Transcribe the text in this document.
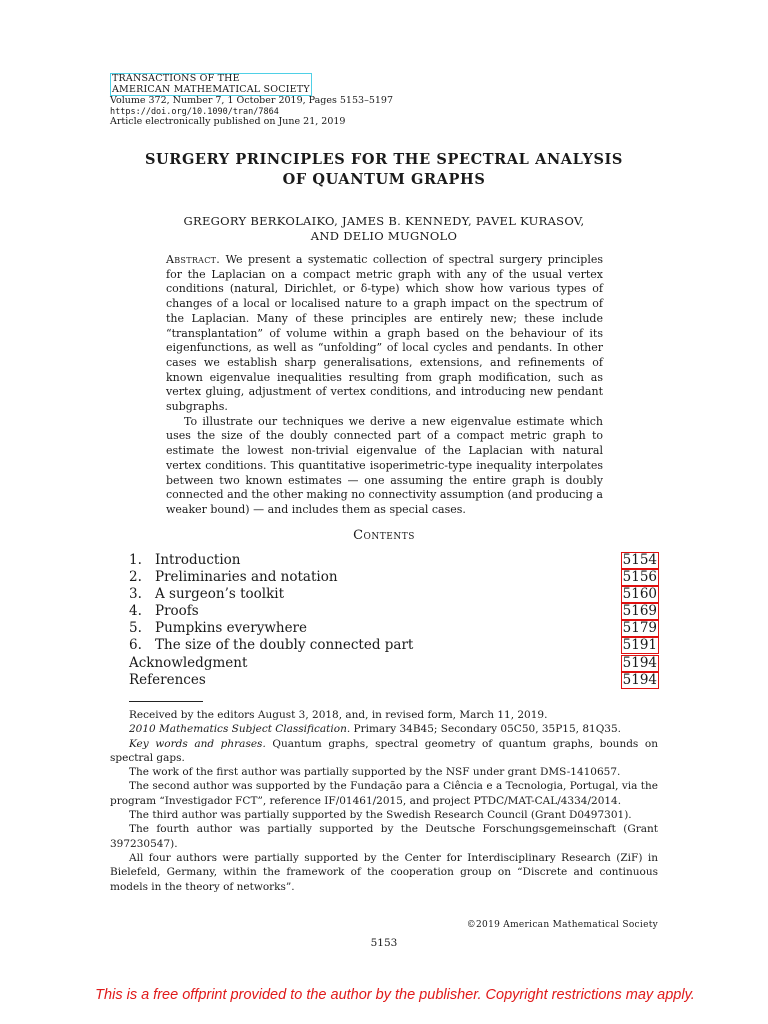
TRANSACTIONS OF THE
AMERICAN MATHEMATICAL SOCIETY
Volume 372, Number 7, 1 October 2019, Pages 5153–5197
https://doi.org/10.1090/tran/7864
Article electronically published on June 21, 2019
SURGERY PRINCIPLES FOR THE SPECTRAL ANALYSIS
OF QUANTUM GRAPHS
GREGORY BERKOLAIKO, JAMES B. KENNEDY, PAVEL KURASOV,
AND DELIO MUGNOLO

Abstract. We present a systematic collection of spectral surgery principles for the Laplacian on a compact metric graph with any of the usual vertex conditions (natural, Dirichlet, or δ-type) which show how various types of changes of a local or localised nature to a graph impact on the spectrum of the Laplacian. Many of these principles are entirely new; these include “transplantation” of volume within a graph based on the behaviour of its eigenfunctions, as well as “unfolding” of local cycles and pendants. In other cases we establish sharp generalisations, extensions, and refinements of known eigenvalue inequalities resulting from graph modification, such as vertex gluing, adjustment of vertex conditions, and introducing new pendant subgraphs.

To illustrate our techniques we derive a new eigenvalue estimate which uses the size of the doubly connected part of a compact metric graph to estimate the lowest non-trivial eigenvalue of the Laplacian with natural vertex conditions. This quantitative isoperimetric-type inequality interpolates between two known estimates — one assuming the entire graph is doubly connected and the other making no connectivity assumption (and producing a weaker bound) — and includes them as special cases.

Contents
1. Introduction	5154
2. Preliminaries and notation	5156
3. A surgeon’s toolkit	5160
4. Proofs	5169
5. Pumpkins everywhere	5179
6. The size of the doubly connected part	5191
Acknowledgment	5194
References	5194

Received by the editors August 3, 2018, and, in revised form, March 11, 2019.

2010 Mathematics Subject Classification. Primary 34B45; Secondary 05C50, 35P15, 81Q35.

Key words and phrases. Quantum graphs, spectral geometry of quantum graphs, bounds on spectral gaps.

The work of the first author was partially supported by the NSF under grant DMS-1410657.

The second author was supported by the Fundação para a Ciência e a Tecnologia, Portugal, via the program “Investigador FCT”, reference IF/01461/2015, and project PTDC/MAT-CAL/4334/2014.

The third author was partially supported by the Swedish Research Council (Grant D0497301).

The fourth author was partially supported by the Deutsche Forschungsgemeinschaft (Grant 397230547).

All four authors were partially supported by the Center for Interdisciplinary Research (ZiF) in Bielefeld, Germany, within the framework of the cooperation group on “Discrete and continuous models in the theory of networks”.

©2019 American Mathematical Society
5153
This is a free offprint provided to the author by the publisher. Copyright restrictions may apply.
